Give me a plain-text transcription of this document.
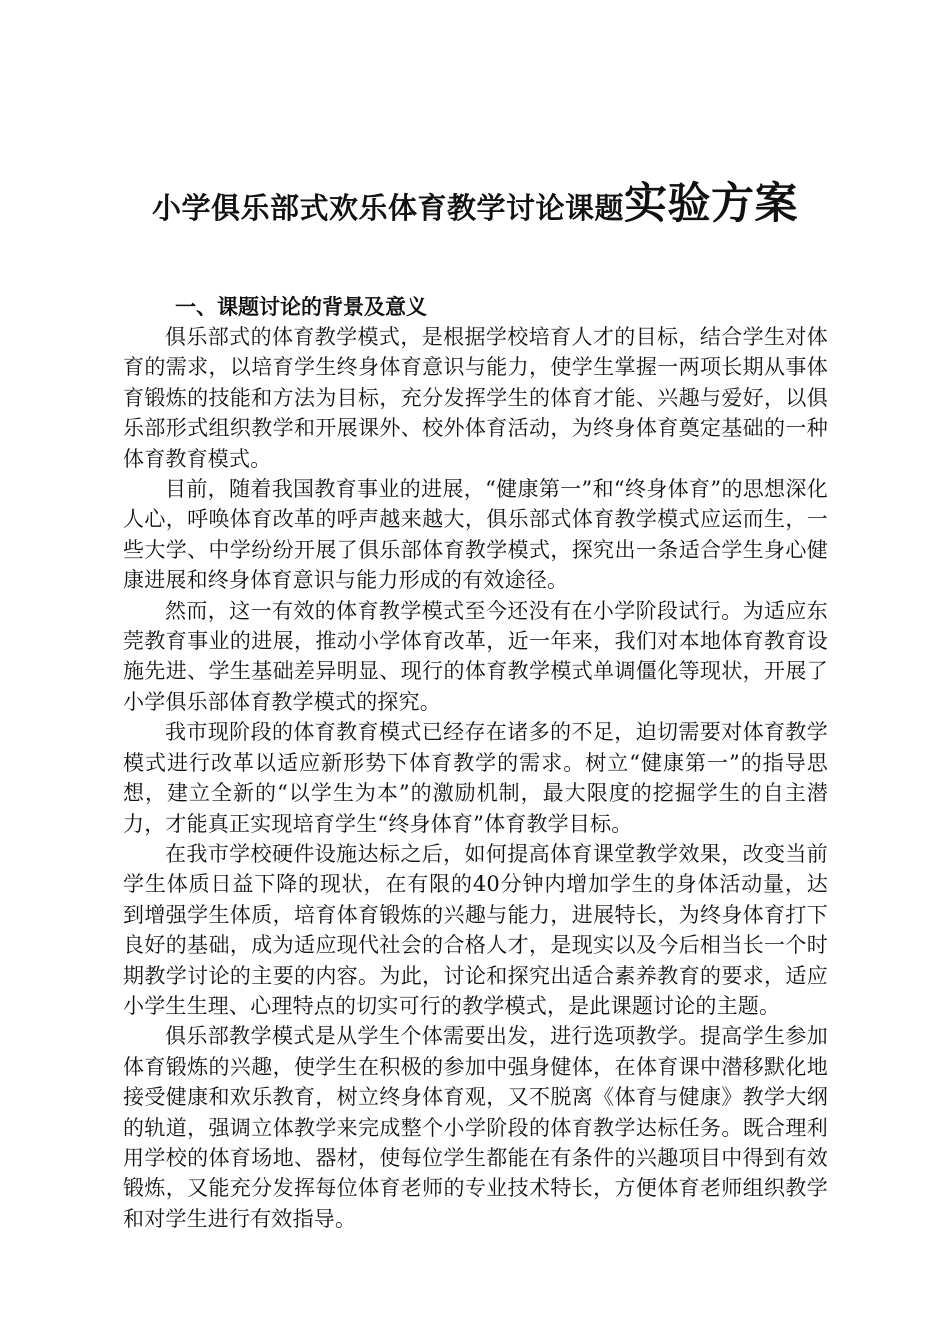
小学俱乐部式欢乐体育教学讨论课题实验方案
一、课题讨论的背景及意义

俱乐部式的体育教学模式，是根据学校培育人才的目标，结合学生对体育的需求，以培育学生终身体育意识与能力，使学生掌握一两项长期从事体育锻炼的技能和方法为目标，充分发挥学生的体育才能、兴趣与爱好，以俱乐部形式组织教学和开展课外、校外体育活动，为终身体育奠定基础的一种体育教育模式。

目前，随着我国教育事业的进展，“健康第一”和“终身体育”的思想深化人心，呼唤体育改革的呼声越来越大，俱乐部式体育教学模式应运而生，一些大学、中学纷纷开展了俱乐部体育教学模式，探究出一条适合学生身心健康进展和终身体育意识与能力形成的有效途径。

然而，这一有效的体育教学模式至今还没有在小学阶段试行。为适应东莞教育事业的进展，推动小学体育改革，近一年来，我们对本地体育教育设施先进、学生基础差异明显、现行的体育教学模式单调僵化等现状，开展了小学俱乐部体育教学模式的探究。

我市现阶段的体育教育模式已经存在诸多的不足，迫切需要对体育教学模式进行改革以适应新形势下体育教学的需求。树立“健康第一”的指导思想，建立全新的“以学生为本”的激励机制，最大限度的挖掘学生的自主潜力，才能真正实现培育学生“终身体育”体育教学目标。

在我市学校硬件设施达标之后，如何提高体育课堂教学效果，改变当前学生体质日益下降的现状，在有限的40分钟内增加学生的身体活动量，达到增强学生体质，培育体育锻炼的兴趣与能力，进展特长，为终身体育打下良好的基础，成为适应现代社会的合格人才，是现实以及今后相当长一个时期教学讨论的主要的内容。为此，讨论和探究出适合素养教育的要求，适应小学生生理、心理特点的切实可行的教学模式，是此课题讨论的主题。

俱乐部教学模式是从学生个体需要出发，进行选项教学。提高学生参加体育锻炼的兴趣，使学生在积极的参加中强身健体，在体育课中潜移默化地接受健康和欢乐教育，树立终身体育观，又不脱离《体育与健康》教学大纲的轨道，强调立体教学来完成整个小学阶段的体育教学达标任务。既合理利用学校的体育场地、器材，使每位学生都能在有条件的兴趣项目中得到有效锻炼，又能充分发挥每位体育老师的专业技术特长，方便体育老师组织教学和对学生进行有效指导。
